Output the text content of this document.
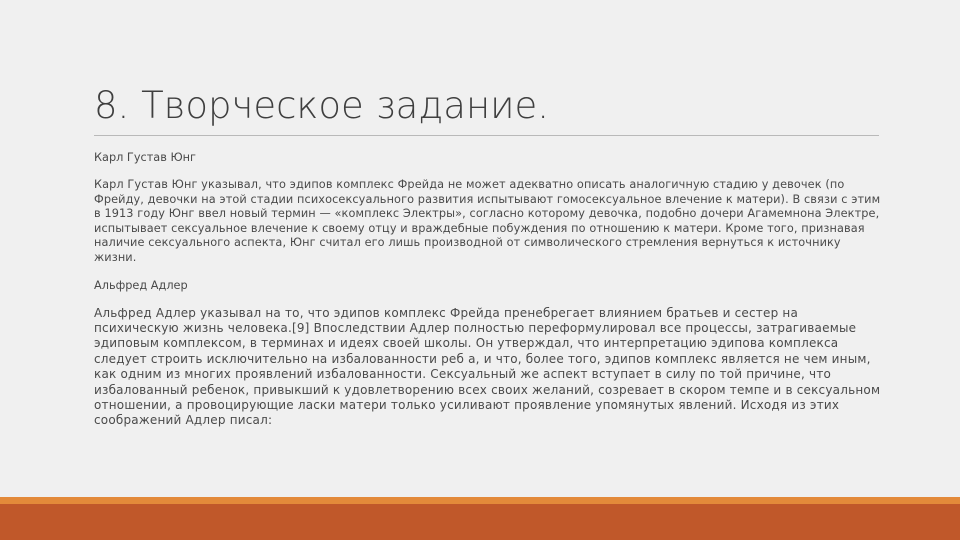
8. Творческое задание.

Карл Густав Юнг

Карл Густав Юнг указывал, что эдипов комплекс Фрейда не может адекватно описать аналогичную стадию у девочек (по Фрейду, девочки на этой стадии психосексуального развития испытывают гомосексуальное влечение к матери). В связи с этим в 1913 году Юнг ввел новый термин — «комплекс Электры», согласно которому девочка, подобно дочери Агамемнона Электре, испытывает сексуальное влечение к своему отцу и враждебные побуждения по отношению к матери. Кроме того, признавая наличие сексуального аспекта, Юнг считал его лишь производной от символического стремления вернуться к источнику жизни.

Альфред Адлер

Альфред Адлер указывал на то, что эдипов комплекс Фрейда пренебрегает влиянием братьев и сестер на психическую жизнь человека.[9] Впоследствии Адлер полностью переформулировал все процессы, затрагиваемые эдиповым комплексом, в терминах и идеях своей школы. Он утверждал, что интерпретацию эдипова комплекса следует строить исключительно на избалованности реб а, и что, более того, эдипов комплекс является не чем иным, как одним из многих проявлений избалованности. Сексуальный же аспект вступает в силу по той причине, что избалованный ребенок, привыкший к удовлетворению всех своих желаний, созревает в скором темпе и в сексуальном отношении, а провоцирующие ласки матери только усиливают проявление упомянутых явлений. Исходя из этих соображений Адлер писал:
